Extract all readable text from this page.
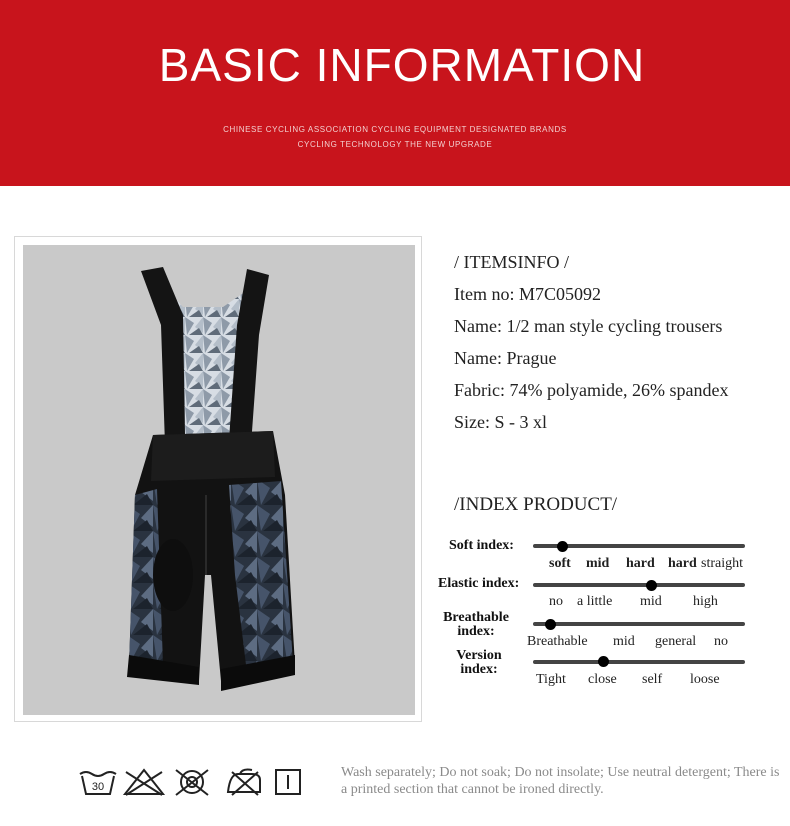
BASIC INFORMATION
CHINESE CYCLING ASSOCIATION CYCLING EQUIPMENT DESIGNATED BRANDS
CYCLING TECHNOLOGY THE NEW UPGRADE
/ ITEMSINFO /
Item no: M7C05092
Name: 1/2 man style cycling trousers
Name: Prague
Fabric: 74% polyamide, 26% spandex
Size: S - 3 xl
/INDEX PRODUCT/
Soft index:
soft mid hard hard straight
Elastic index:
no a little mid high
Breathable
index:
Breathable mid general no
Version
index:
Tight close self loose
30
Wash separately; Do not soak; Do not insolate; Use neutral detergent; There is a printed section that cannot be ironed directly.
